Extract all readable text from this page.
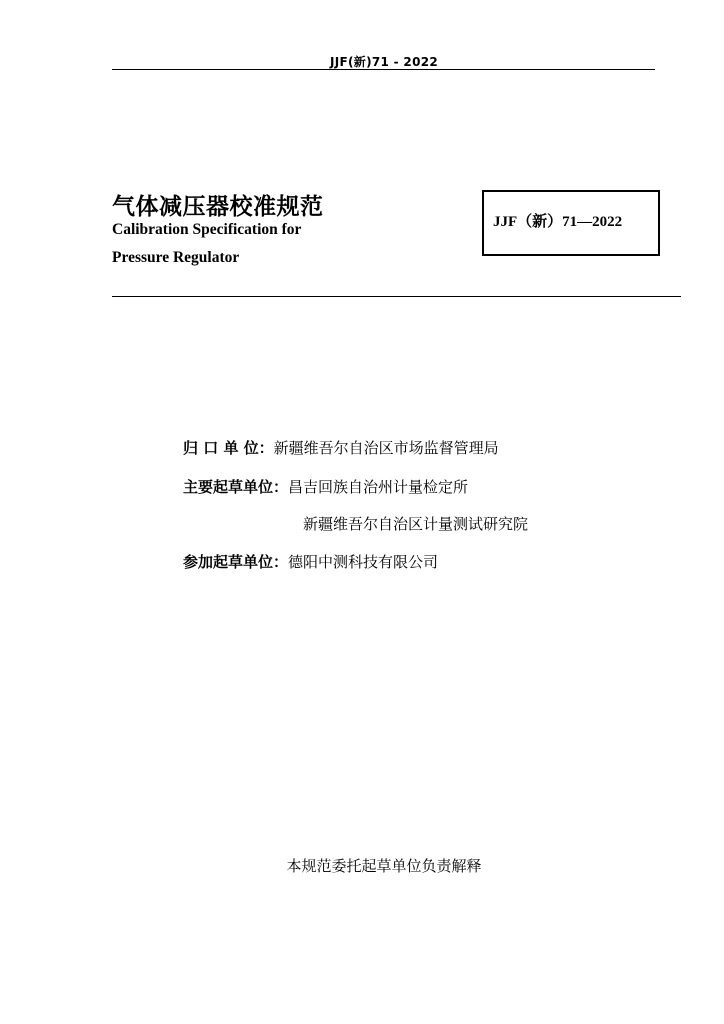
JJF(新)71 - 2022
气体减压器校准规范
Calibration Specification for
Pressure Regulator
JJF（新）71—2022
归 口 单 位：新疆维吾尔自治区市场监督管理局
主要起草单位：昌吉回族自治州计量检定所
新疆维吾尔自治区计量测试研究院
参加起草单位：德阳中测科技有限公司
本规范委托起草单位负责解释
